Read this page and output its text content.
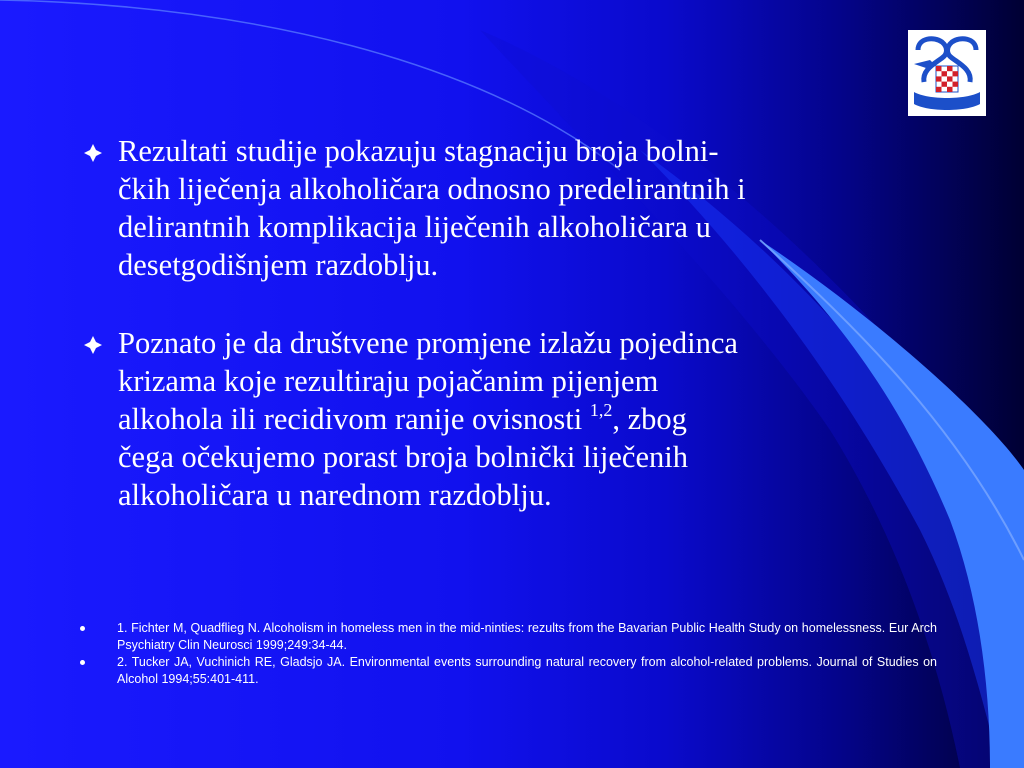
Rezultati studije pokazuju stagnaciju broja bolni-
čkih liječenja alkoholičara odnosno predelirantnih i
delirantnih komplikacija liječenih alkoholičara u
desetgodišnjem razdoblju.
Poznato je da društvene promjene izlažu pojedinca
krizama koje rezultiraju pojačanim pijenjem
alkohola ili recidivom ranije ovisnosti $^{1,2}$, zbog
čega očekujemo porast broja bolnički liječenih
alkoholičara u narednom razdoblju.
1. Fichter M, Quadflieg N. Alcoholism in homeless men in the mid-ninties: rezults from the Bavarian Public Health Study on homelessness. Eur Arch Psychiatry Clin Neurosci 1999;249:34-44.
2. Tucker JA, Vuchinich RE, Gladsjo JA. Environmental events surrounding natural recovery from alcohol-related problems. Journal of Studies on Alcohol 1994;55:401-411.
